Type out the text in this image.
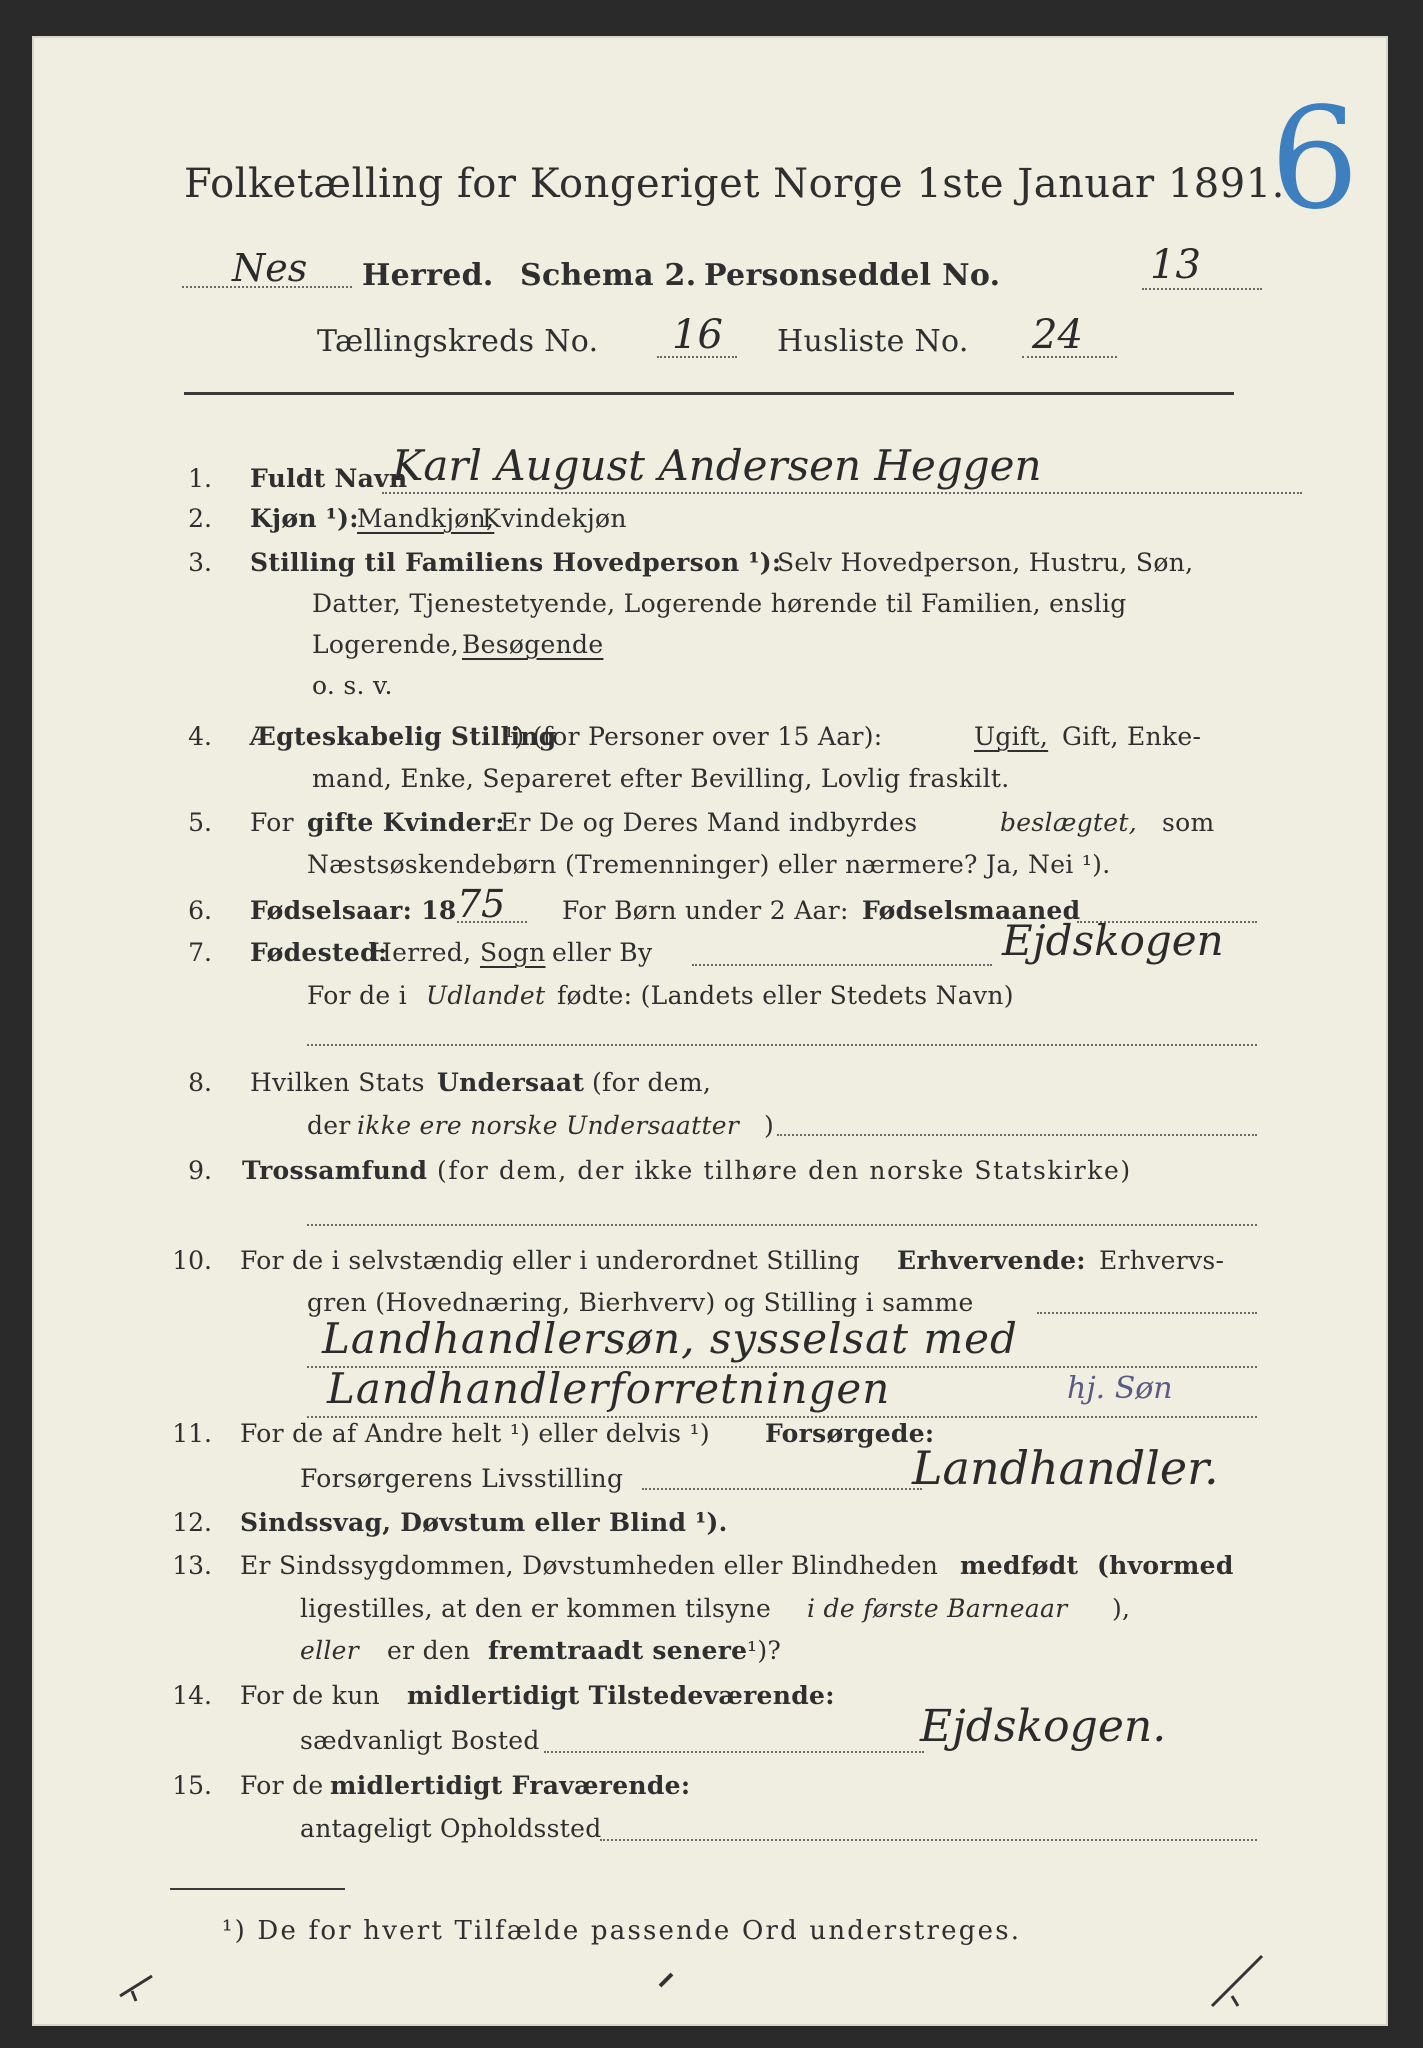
Folketælling for Kongeriget Norge 1ste Januar 1891.
6
Nes Herred. Schema 2. Personseddel No.	13
Tællingskreds No. 16 Husliste No. 24
1. Fuldt Navn
Karl August Andersen Heggen
2. Kjøn ¹):
Mandkjøn,
Kvindekjøn
3. Stilling til Familiens Hovedperson ¹):
Selv Hovedperson, Hustru, Søn,
Datter, Tjenestetyende, Logerende hørende til Familien, enslig
Logerende, Besøgende
o. s. v.
4. Ægteskabelig Stilling
¹) (for Personer over 15 Aar):	Ugift, Gift, Enke-
mand, Enke, Separeret efter Bevilling, Lovlig fraskilt.
5. For gifte Kvinder:
Er De og Deres Mand indbyrdes	beslægtet, som
Næstsøskendebørn (Tremenninger) eller nærmere? Ja, Nei ¹).
6. Fødselsaar: 18 75 For Børn under 2 Aar: Fødselsmaaned
7. Fødested:
Herred, Sogn eller By	Ejdskogen
For de i Udlandet fødte: (Landets eller Stedets Navn)
8. Hvilken Stats Undersaat (for dem,
der ikke ere norske Undersaatter )
9. Trossamfund (for dem, der ikke tilhøre den norske Statskirke)
10. For de i selvstændig eller i underordnet Stilling Erhvervende: Erhvervs-
gren (Hovednæring, Bierhverv) og Stilling i samme
Landhandlersøn, sysselsat med
Landhandlerforretningen	hj. Søn
11. For de af Andre helt ¹) eller delvis ¹) Forsørgede:
Forsørgerens Livsstilling	Landhandler.
12. Sindssvag, Døvstum eller Blind ¹).
13. Er Sindssygdommen, Døvstumheden eller Blindheden medfødt (hvormed
ligestilles, at den er kommen tilsyne i de første Barneaar ),
eller er den fremtraadt senere ¹)?
14. For de kun midlertidigt Tilstedeværende:
sædvanligt Bosted	Ejdskogen.
15. For de midlertidigt Fraværende:
antageligt Opholdssted
¹) De for hvert Tilfælde passende Ord understreges.
